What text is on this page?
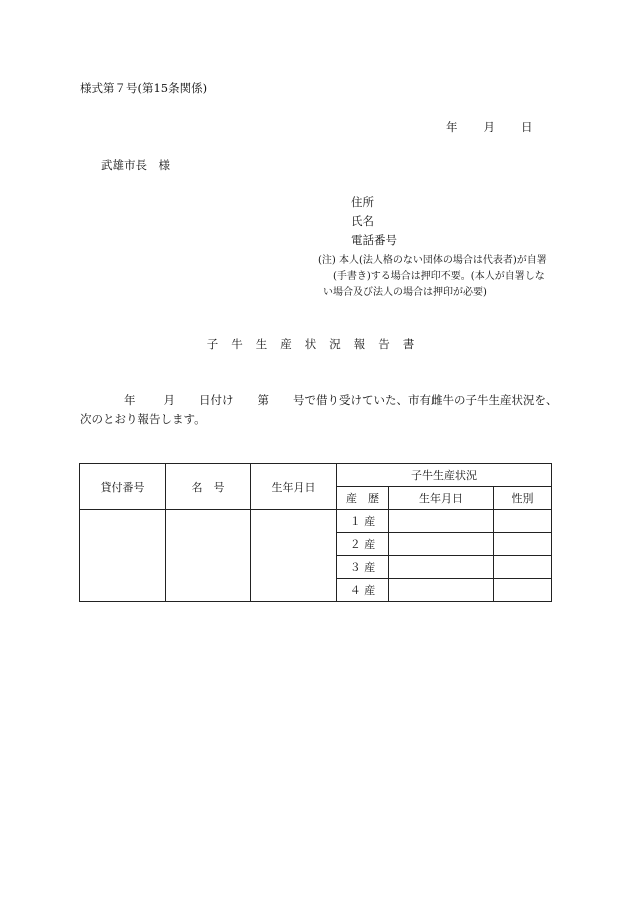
様式第７号(第15条関係)
年 月 日
武雄市長　様
住所
氏名
電話番号
(注) 本人(法人格のない団体の場合は代表者)が自署
(手書き)する場合は押印不要。(本人が自署しな
い場合及び法人の場合は押印が必要)
子牛生産状況報告書
年 月 日付け 第 号で借り受けていた、市有雌牛の子牛生産状況を、
次のとおり報告します。
貸付番号	名　号	生年月日	子牛生産状況		
			産　歴	生年月日	性別
			１ 産		
			２ 産		
			３ 産		
			４ 産		
